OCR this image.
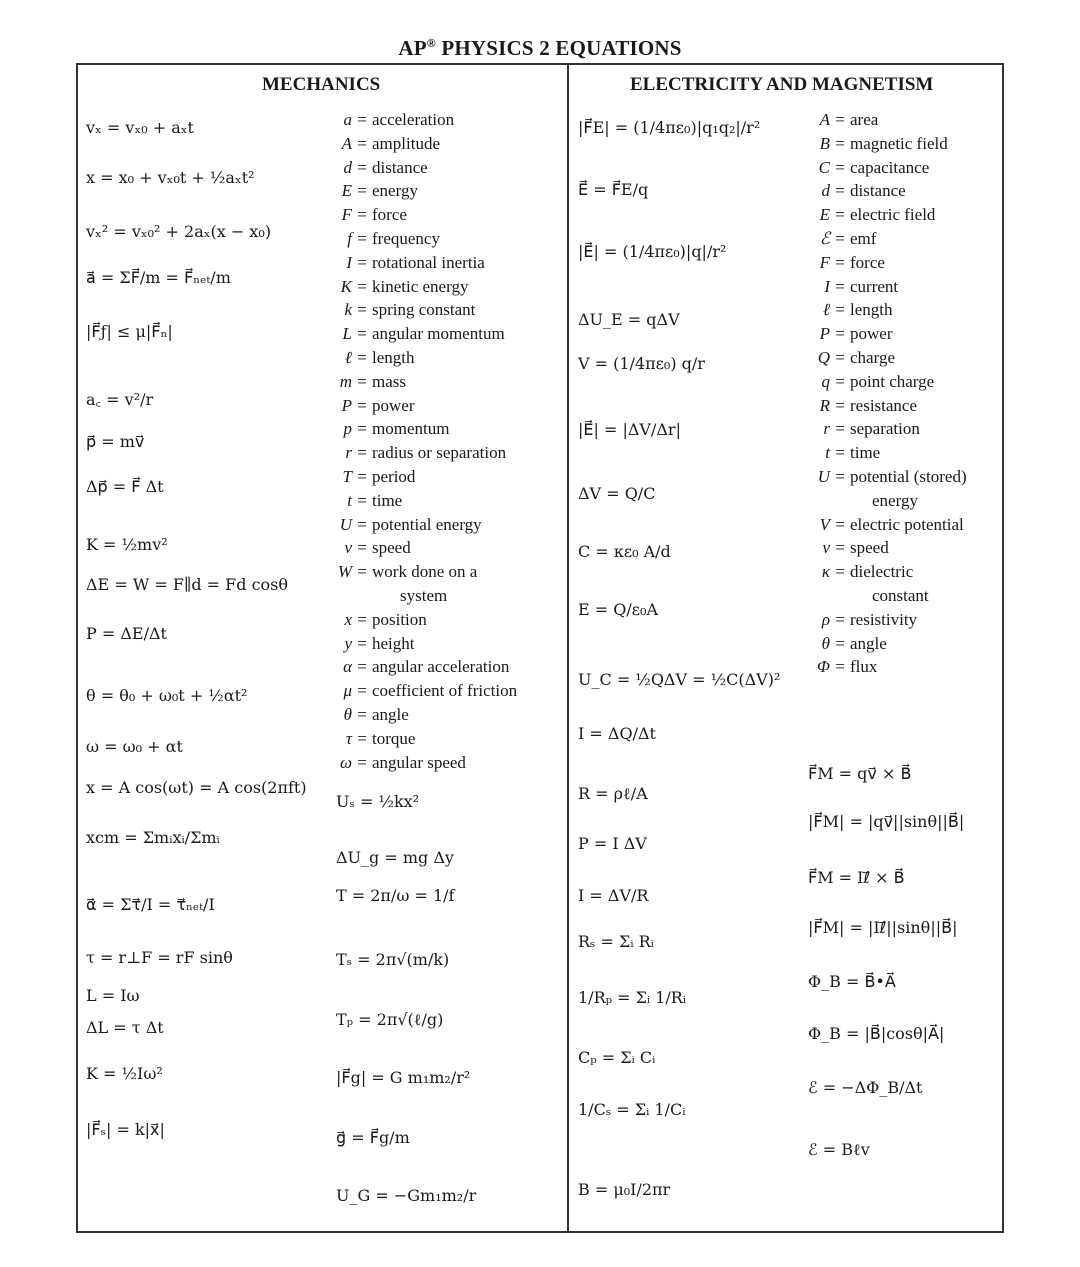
AP® PHYSICS 2 EQUATIONS
MECHANICS	ELECTRICITY AND MAGNETISM
vₓ = vₓ₀ + aₓt
x = x₀ + vₓ₀t + ½aₓt²
vₓ² = vₓ₀² + 2aₓ(x − x₀)
a⃗ = ΣF⃗/m = F⃗ₙₑₜ/m
|F⃗ƒ| ≤ μ|F⃗ₙ|
a꜀ = v²/r
p⃗ = mv⃗
Δp⃗ = F⃗ Δt
K = ½mv²
ΔE = W = F∥d = Fd cosθ
P = ΔE/Δt
θ = θ₀ + ω₀t + ½αt²
ω = ω₀ + αt
x = A cos(ωt) = A cos(2πft)
xcm = Σmᵢxᵢ/Σmᵢ
α⃗ = Στ⃗/I = τ⃗ₙₑₜ/I
τ = r⊥F = rF sinθ
L = Iω
ΔL = τ Δt
K = ½Iω²
|F⃗ₛ| = k|x⃗|
Uₛ = ½kx²
ΔU_g = mg Δy
T = 2π/ω = 1/f
Tₛ = 2π√(m/k)
Tₚ = 2π√(ℓ/g)
|F⃗g| = G m₁m₂/r²
g⃗ = F⃗g/m
U_G = −Gm₁m₂/r
a = acceleration
A = amplitude
d = distance
E = energy
F = force
f = frequency
I = rotational inertia
K = kinetic energy
k = spring constant
L = angular momentum
ℓ = length
m = mass
P = power
p = momentum
r = radius or separation
T = period
t = time
U = potential energy
v = speed
W = work done on a
system
x = position
y = height
α = angular acceleration
μ = coefficient of friction
θ = angle
τ = torque
ω = angular speed
|F⃗E| = (1/4πε₀)|q₁q₂|/r²
E⃗ = F⃗E/q
|E⃗| = (1/4πε₀)|q|/r²
ΔU_E = qΔV
V = (1/4πε₀) q/r
|E⃗| = |ΔV/Δr|
ΔV = Q/C
C = κε₀ A/d
E = Q/ε₀A
U_C = ½QΔV = ½C(ΔV)²
I = ΔQ/Δt
R = ρℓ/A
P = I ΔV
I = ΔV/R
Rₛ = Σᵢ Rᵢ
1/Rₚ = Σᵢ 1/Rᵢ
Cₚ = Σᵢ Cᵢ
1/Cₛ = Σᵢ 1/Cᵢ
B = μ₀I/2πr
F⃗M = qv⃗ × B⃗
|F⃗M| = |qv⃗||sinθ||B⃗|
F⃗M = Iℓ⃗ × B⃗
|F⃗M| = |Iℓ⃗||sinθ||B⃗|
Φ_B = B⃗•A⃗
Φ_B = |B⃗|cosθ|A⃗|
ℰ = −ΔΦ_B/Δt
ℰ = Bℓv
A = area
B = magnetic field
C = capacitance
d = distance
E = electric field
ℰ = emf
F = force
I = current
ℓ = length
P = power
Q = charge
q = point charge
R = resistance
r = separation
t = time
U = potential (stored)
energy
V = electric potential
v = speed
κ = dielectric
constant
ρ = resistivity
θ = angle
Φ = flux
